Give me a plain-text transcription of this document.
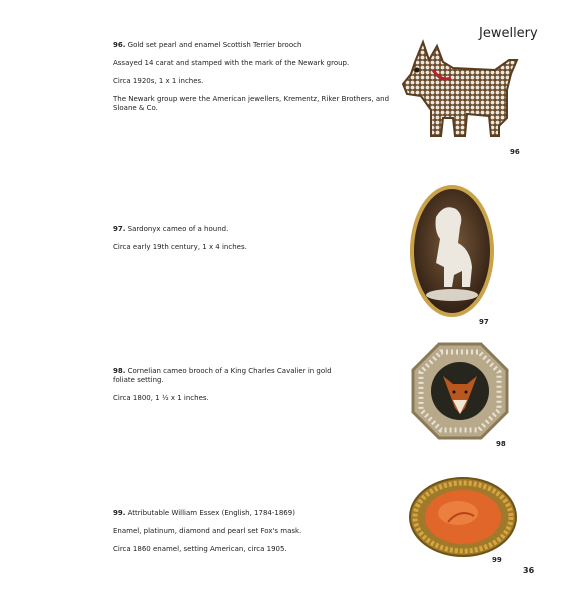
Jewellery

96. Gold set pearl and enamel Scottish Terrier brooch

Assayed 14 carat and stamped with the mark of the Newark group.

Circa 1920s, 1 x 1 inches.

The Newark group were the American jewellers, Krementz, Riker Brothers, and Sloane & Co.

97. Sardonyx cameo of a hound.

Circa early 19th century, 1 x 4 inches.

98. Cornelian cameo brooch of a King Charles Cavalier in gold foliate setting.

Circa 1800, 1 ½ x 1 inches.

99. Attributable William Essex (English, 1784-1869)

Enamel, platinum, diamond and pearl set Fox's mask.

Circa 1860 enamel, setting American, circa 1905.

96
97
98
99
36
